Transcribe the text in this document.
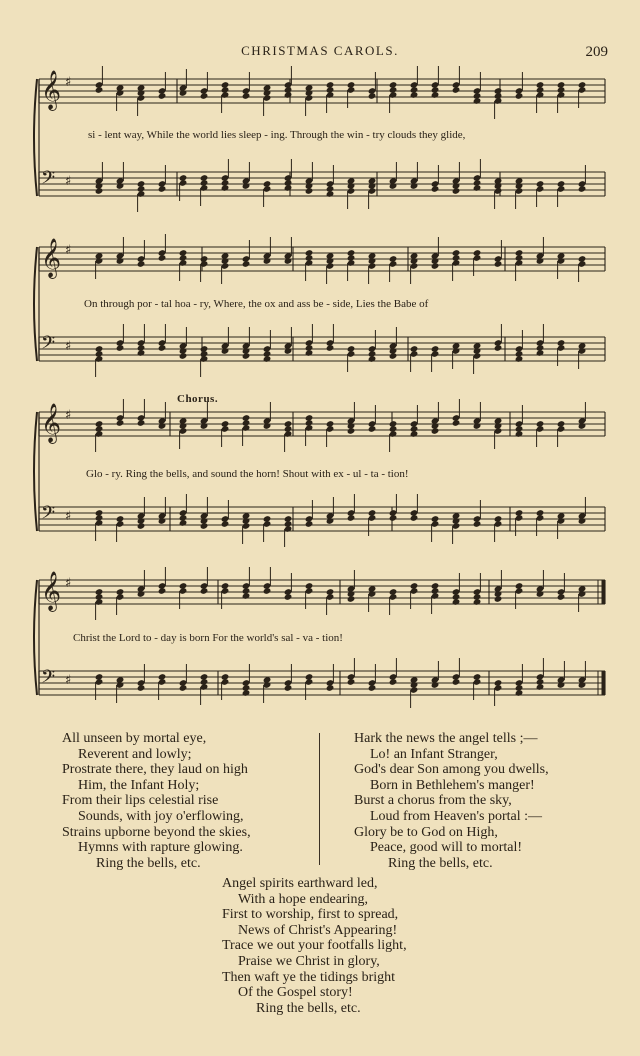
CHRISTMAS CAROLS.	209
𝄞 ♯
𝄢 ♯
𝄞 ♯
𝄢 ♯
𝄞 ♯
𝄢 ♯
𝄞 ♯
𝄢 ♯
si - lent way, While the world lies sleep - ing. Through the win - try clouds they glide,
On through por - tal hoa - ry, Where, the ox and ass be - side, Lies the Babe of
Chorus.
Glo - ry. Ring the bells, and sound the horn! Shout with ex - ul - ta - tion!
Christ the Lord to - day is born For the world's sal - va - tion!
All unseen by mortal eye,
Reverent and lowly;
Prostrate there, they laud on high
Him, the Infant Holy;
From their lips celestial rise
Sounds, with joy o'erflowing,
Strains upborne beyond the skies,
Hymns with rapture glowing.
Ring the bells, etc.
Hark the news the angel tells ;—
Lo! an Infant Stranger,
God's dear Son among you dwells,
Born in Bethlehem's manger!
Burst a chorus from the sky,
Loud from Heaven's portal :—
Glory be to God on High,
Peace, good will to mortal!
Ring the bells, etc.
Angel spirits earthward led,
With a hope endearing,
First to worship, first to spread,
News of Christ's Appearing!
Trace we out your footfalls light,
Praise we Christ in glory,
Then waft ye the tidings bright
Of the Gospel story!
Ring the bells, etc.
